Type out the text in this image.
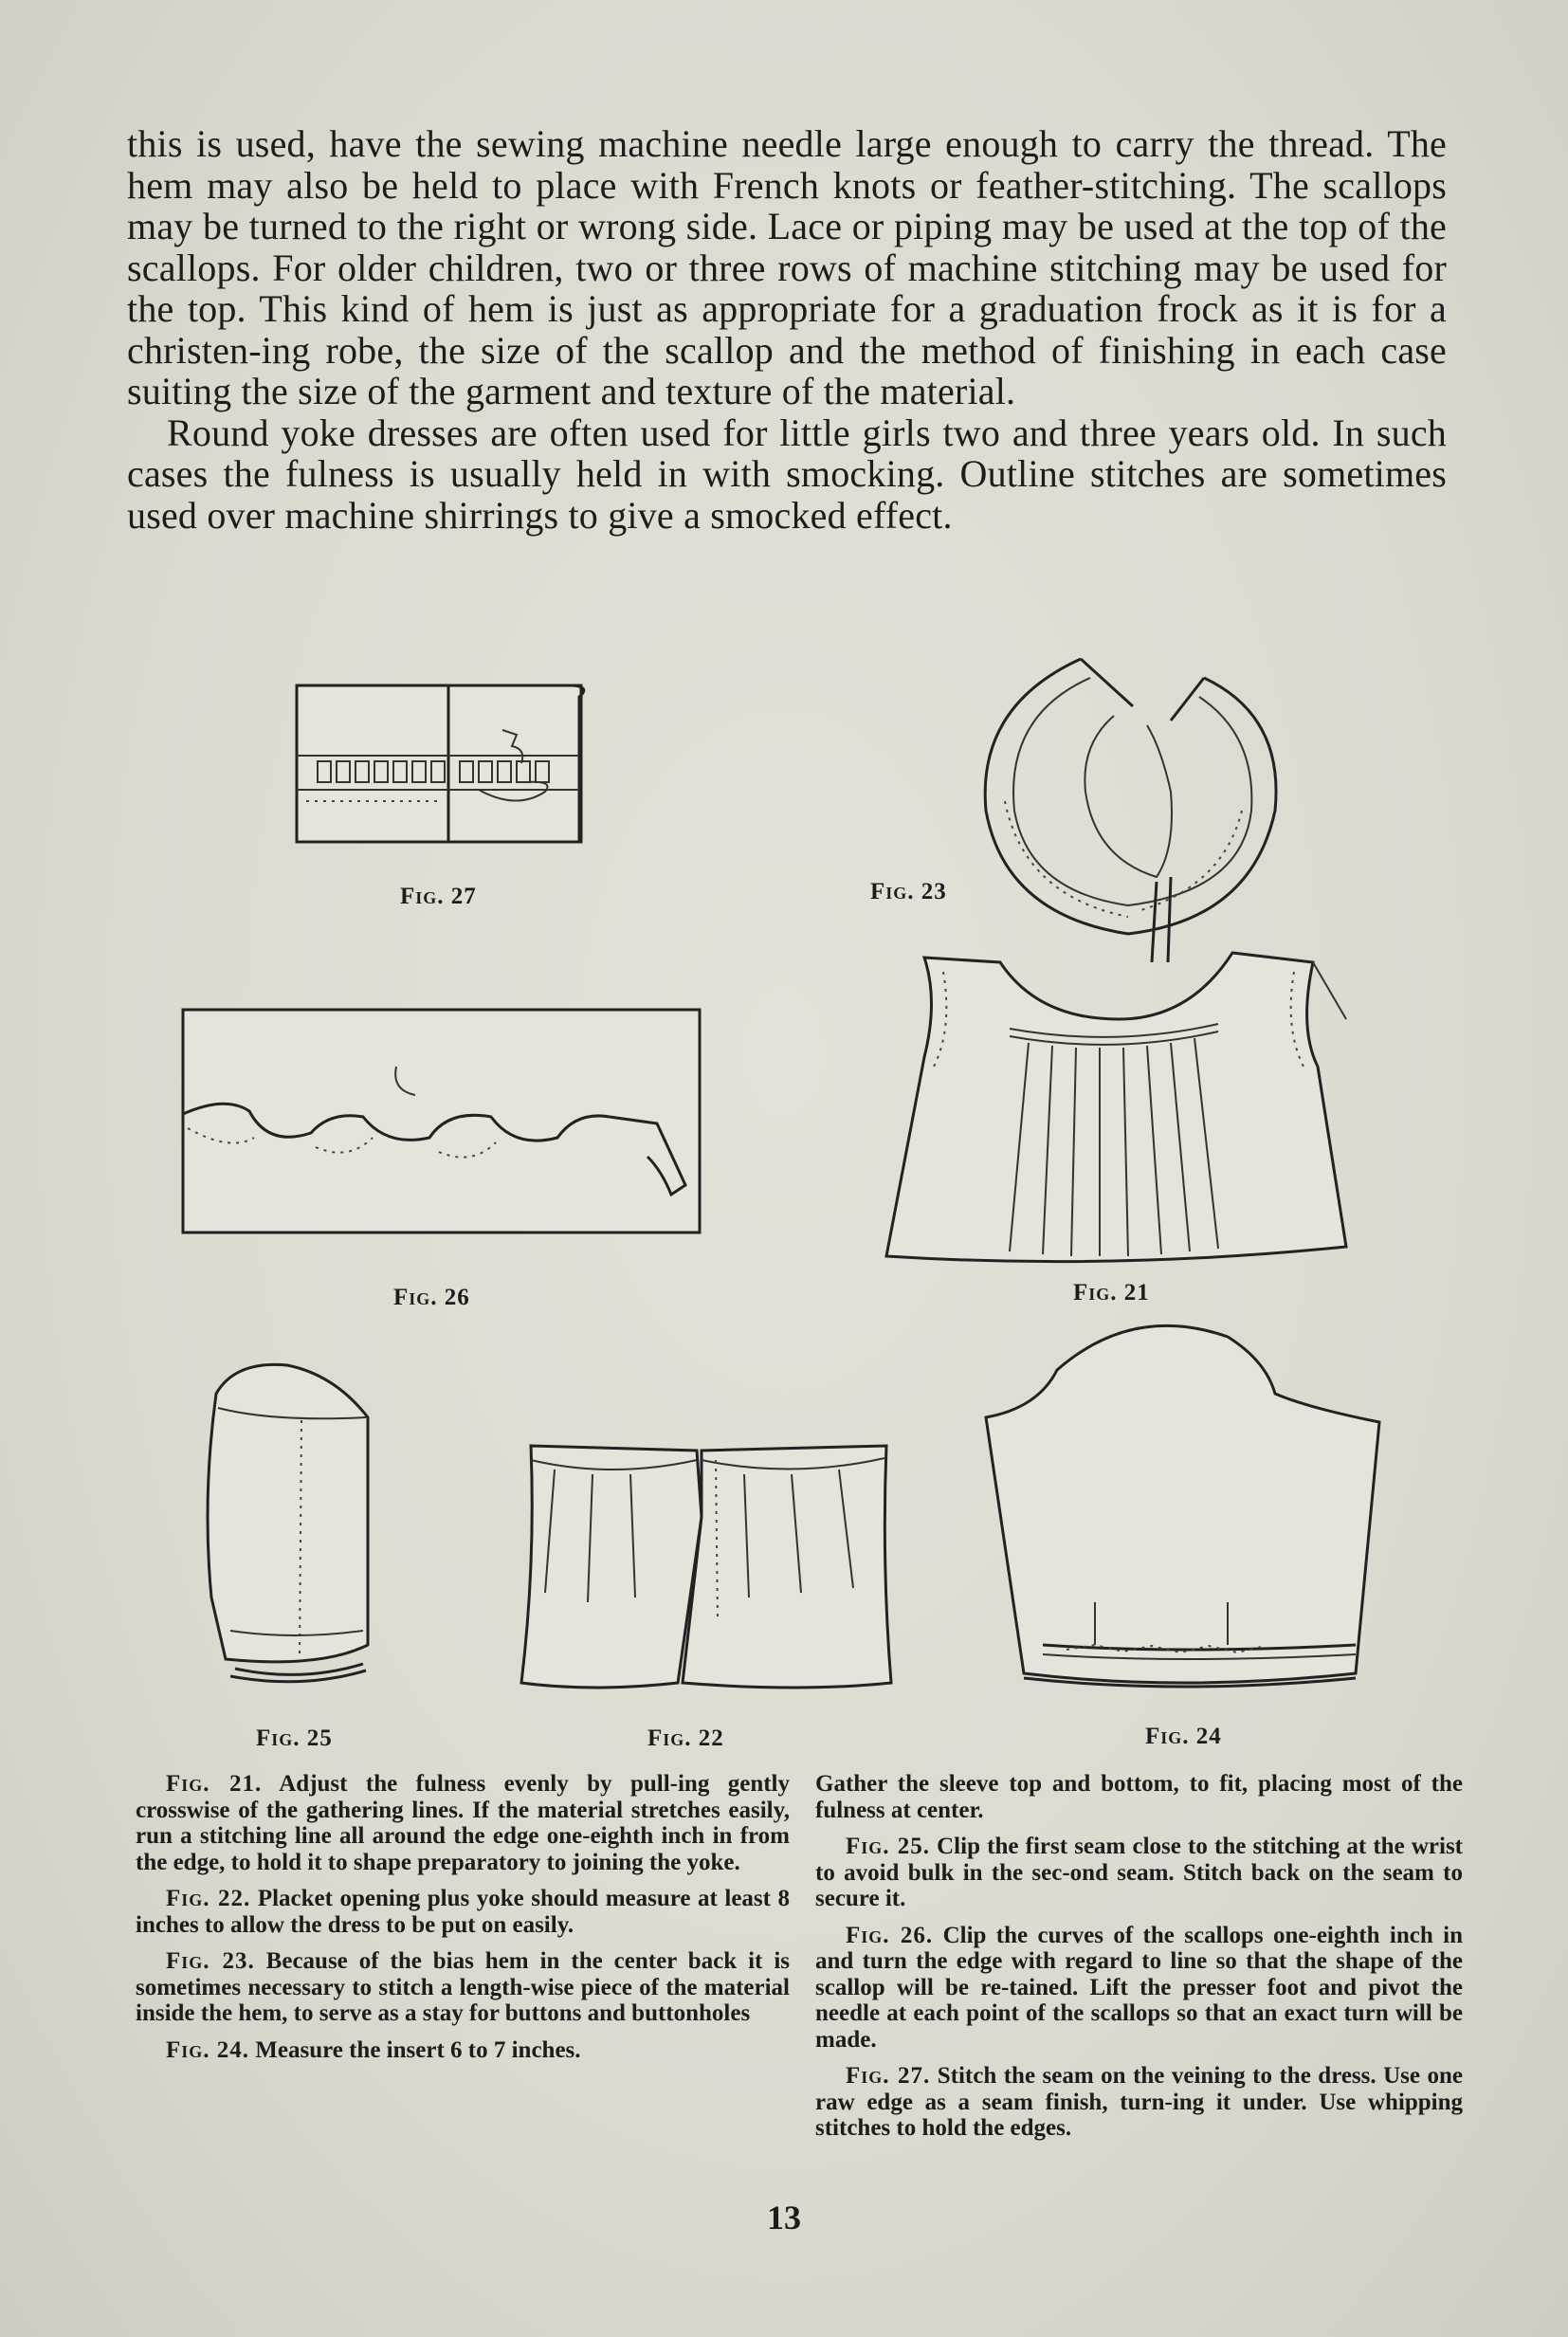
this is used, have the sewing machine needle large enough to carry the thread. The hem may also be held to place with French knots or feather-stitching. The scallops may be turned to the right or wrong side. Lace or piping may be used at the top of the scallops. For older children, two or three rows of machine stitching may be used for the top. This kind of hem is just as appropriate for a graduation frock as it is for a christen-ing robe, the size of the scallop and the method of finishing in each case suiting the size of the garment and texture of the material.

Round yoke dresses are often used for little girls two and three years old. In such cases the fulness is usually held in with smocking. Outline stitches are sometimes used over machine shirrings to give a smocked effect.

Fig. 27	Fig. 23
Fig. 26	Fig. 21
Fig. 25	Fig. 22	Fig. 24

Fig. 21. Adjust the fulness evenly by pull-ing gently crosswise of the gathering lines. If the material stretches easily, run a stitching line all around the edge one-eighth inch in from the edge, to hold it to shape preparatory to joining the yoke.

Fig. 22. Placket opening plus yoke should measure at least 8 inches to allow the dress to be put on easily.

Fig. 23. Because of the bias hem in the center back it is sometimes necessary to stitch a length-wise piece of the material inside the hem, to serve as a stay for buttons and buttonholes

Fig. 24. Measure the insert 6 to 7 inches.

Gather the sleeve top and bottom, to fit, placing most of the fulness at center.

Fig. 25. Clip the first seam close to the stitching at the wrist to avoid bulk in the sec-ond seam. Stitch back on the seam to secure it.

Fig. 26. Clip the curves of the scallops one-eighth inch in and turn the edge with regard to line so that the shape of the scallop will be re-tained. Lift the presser foot and pivot the needle at each point of the scallops so that an exact turn will be made.

Fig. 27. Stitch the seam on the veining to the dress. Use one raw edge as a seam finish, turn-ing it under. Use whipping stitches to hold the edges.

13
